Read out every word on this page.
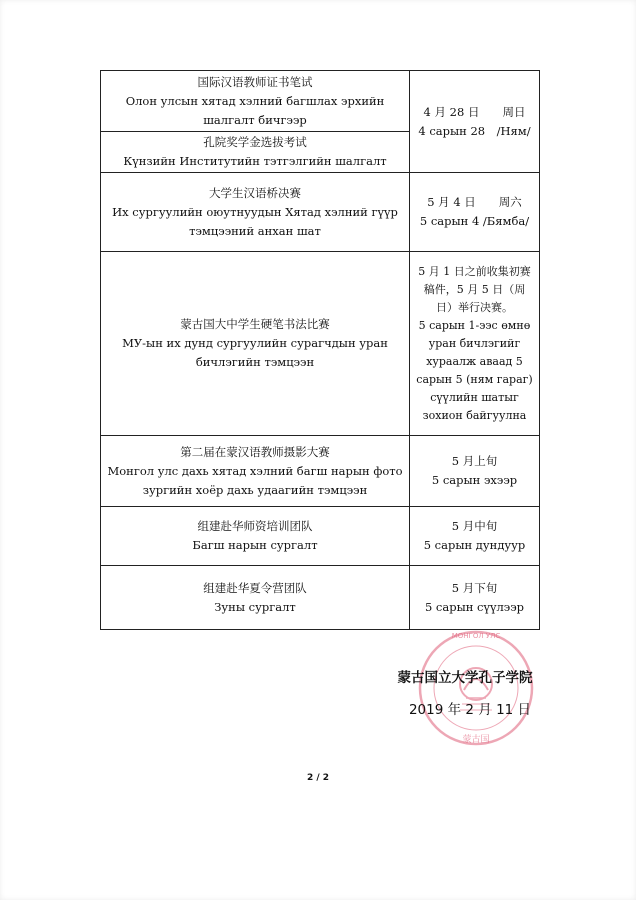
国际汉语教师证书笔试
Олон улсын хятад хэлний багшлах эрхийн шалгалт бичгээр
孔院奖学金选拔考试
Күнзийн Институтийн тэтгэлгийн шалгалт
4 月 28 日　　周日
4 сарын 28　/Ням/
大学生汉语桥决赛
Их сургуулийн оюутнуудын Хятад хэлний гүүр тэмцээний анхан шат
5 月 4 日　　周六
5 сарын 4 /Бямба/
蒙古国大中学生硬笔书法比赛
МУ-ын их дунд сургуулийн сурагчдын уран бичлэгийн тэмцээн
5 月 1 日之前收集初赛稿件，5 月 5 日（周日）举行决赛。
5 сарын 1-ээс өмнө уран бичлэгийг хураалж аваад 5 сарын 5 (ням гараг) сүүлийн шатыг зохион байгуулна
第二届在蒙汉语教师摄影大赛
Монгол улс дахь хятад хэлний багш нарын фото зургийн хоёр дахь удаагийн тэмцээн
5 月上旬
5 сарын эхээр
组建赴华师资培训团队
Багш нарын сургалт
5 月中旬
5 сарын дундуур
组建赴华夏令营团队
Зуны сургалт
5 月下旬
5 сарын сүүлээр
МОНГОЛ УЛС
蒙古国
蒙古国立大学孔子学院
2019 年 2 月 11 日
2 / 2
